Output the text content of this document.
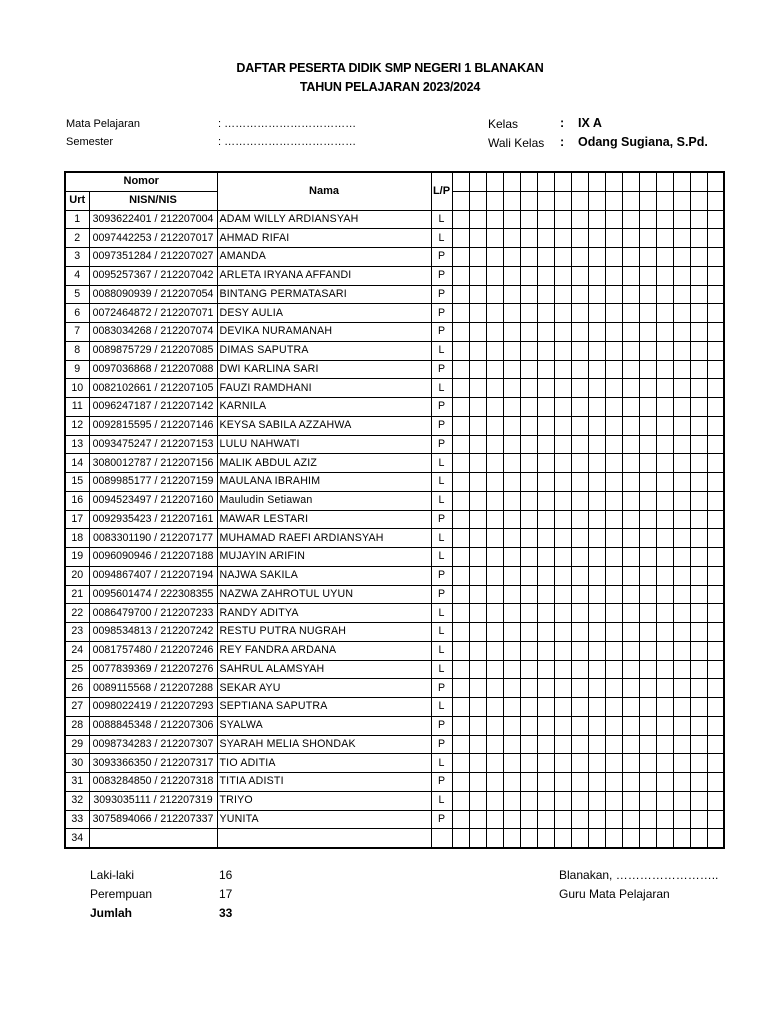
DAFTAR PESERTA DIDIK SMP NEGERI 1 BLANAKAN
TAHUN PELAJARAN 2023/2024
Mata Pelajaran	: ………………………………
Semester	: ………………………………
Kelas	: IX A
Wali Kelas : Odang Sugiana, S.Pd.
Nomor		Nama	L/P																
Urt	NISN/NIS																		
1	3093622401 / 212207004	ADAM WILLY ARDIANSYAH	L																
2	0097442253 / 212207017	AHMAD RIFAI	L																
3	0097351284 / 212207027	AMANDA	P																
4	0095257367 / 212207042	ARLETA IRYANA AFFANDI	P																
5	0088090939 / 212207054	BINTANG PERMATASARI	P																
6	0072464872 / 212207071	DESY AULIA	P																
7	0083034268 / 212207074	DEVIKA NURAMANAH	P																
8	0089875729 / 212207085	DIMAS SAPUTRA	L																
9	0097036868 / 212207088	DWI KARLINA SARI	P																
10	0082102661 / 212207105	FAUZI RAMDHANI	L																
11	0096247187 / 212207142	KARNILA	P																
12	0092815595 / 212207146	KEYSA SABILA AZZAHWA	P																
13	0093475247 / 212207153	LULU NAHWATI	P																
14	3080012787 / 212207156	MALIK ABDUL AZIZ	L																
15	0089985177 / 212207159	MAULANA IBRAHIM	L																
16	0094523497 / 212207160	Mauludin Setiawan	L																
17	0092935423 / 212207161	MAWAR LESTARI	P																
18	0083301190 / 212207177	MUHAMAD RAEFI ARDIANSYAH	L																
19	0096090946 / 212207188	MUJAYIN ARIFIN	L																
20	0094867407 / 212207194	NAJWA SAKILA	P																
21	0095601474 / 222308355	NAZWA ZAHROTUL UYUN	P																
22	0086479700 / 212207233	RANDY ADITYA	L																
23	0098534813 / 212207242	RESTU PUTRA NUGRAH	L																
24	0081757480 / 212207246	REY FANDRA ARDANA	L																
25	0077839369 / 212207276	SAHRUL ALAMSYAH	L																
26	0089115568 / 212207288	SEKAR AYU	P																
27	0098022419 / 212207293	SEPTIANA SAPUTRA	L																
28	0088845348 / 212207306	SYALWA	P																
29	0098734283 / 212207307	SYARAH MELIA SHONDAK	P																
30	3093366350 / 212207317	TIO ADITIA	L																
31	0083284850 / 212207318	TITIA ADISTI	P																
32	3093035111 / 212207319	TRIYO	L																
33	3075894066 / 212207337	YUNITA	P																
34																			
Laki-laki	16
Perempuan	17
Jumlah	33
Blanakan, ……………………..
Guru Mata Pelajaran
